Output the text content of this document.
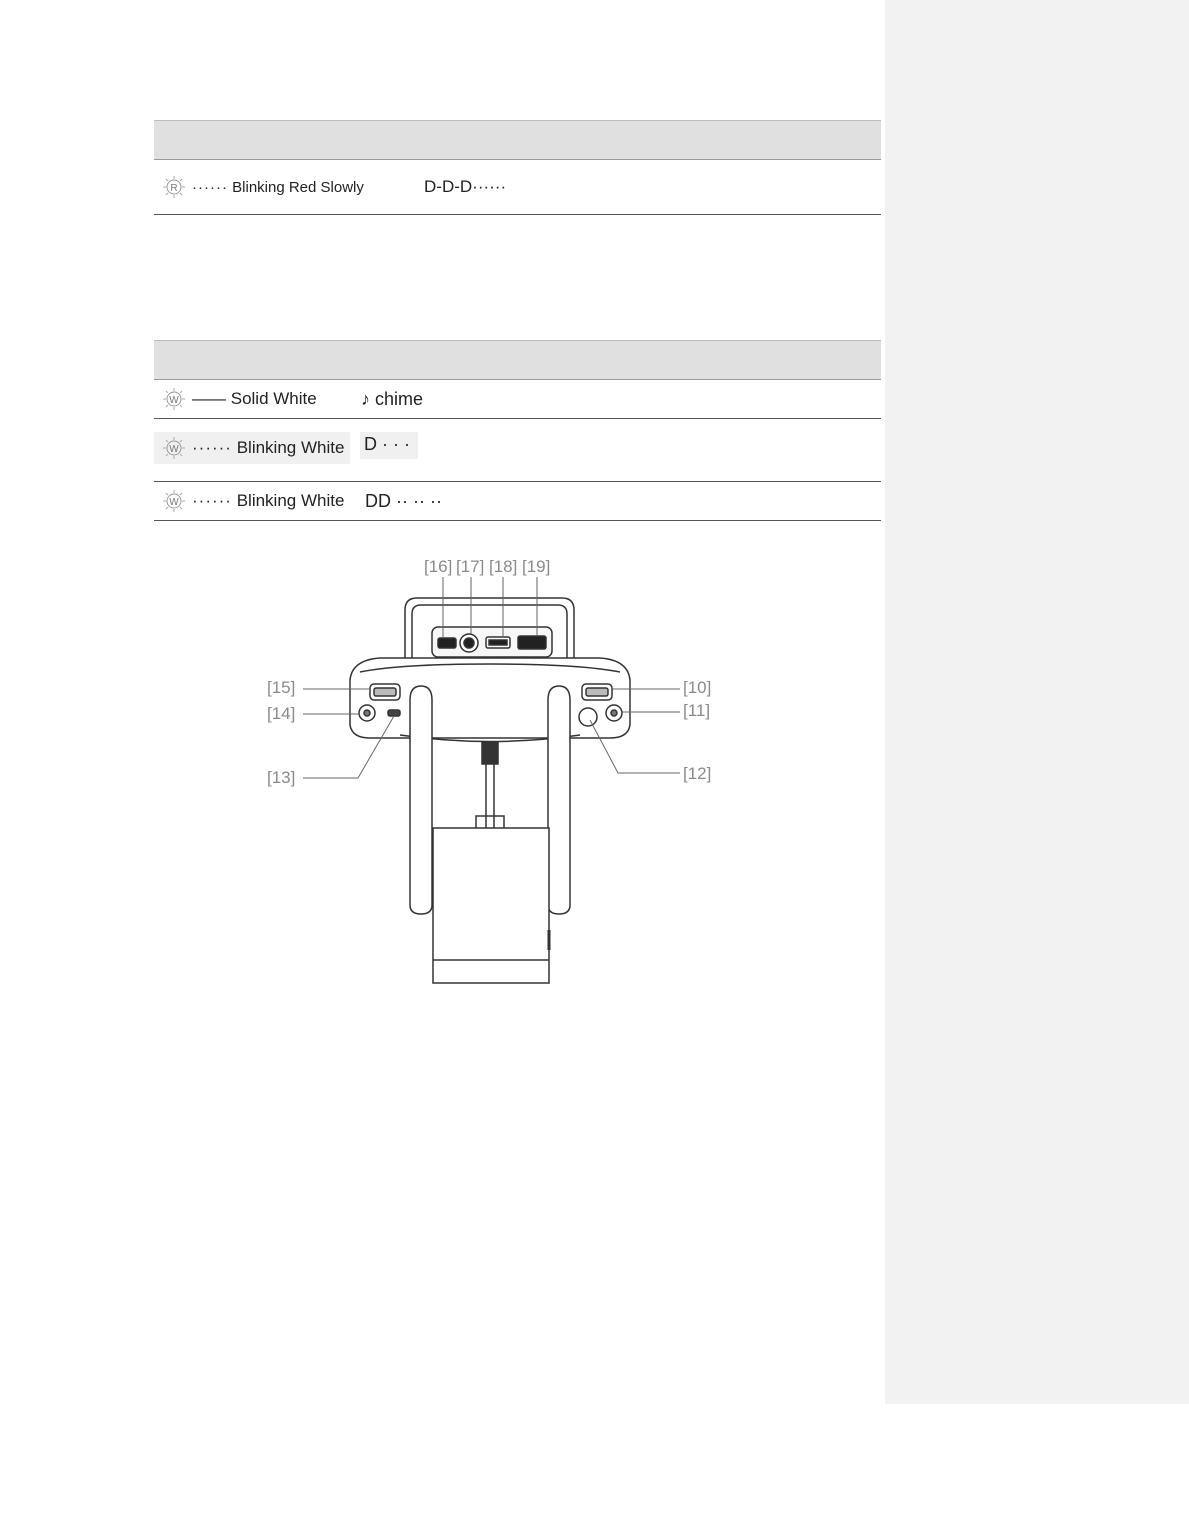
R ······ Blinking Red Slowly	D-D-D······
W —— Solid White ♪ chime
W ······ Blinking White	D · · ·
W ······ Blinking White DD ·· ·· ··
[16] [17] [18] [19]
[15]
[14]
[13]
[10]
[11]
[12]
